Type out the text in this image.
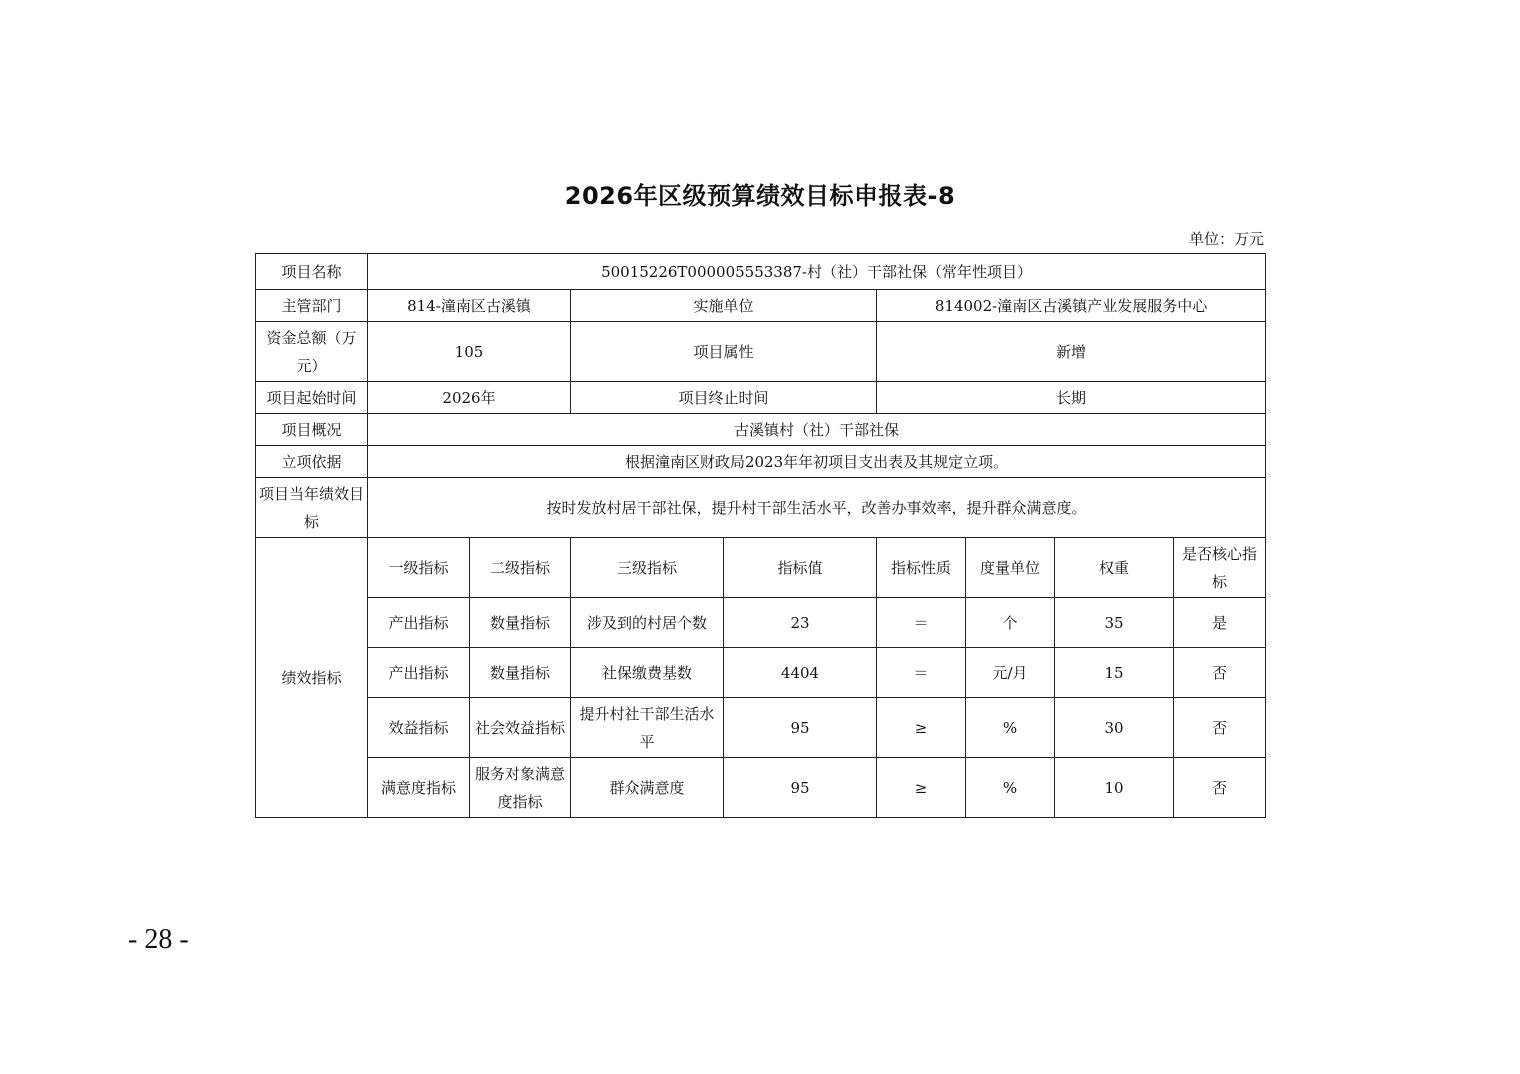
2026年区级预算绩效目标申报表-8
单位：万元
项目名称	50015226T000005553387-村（社）干部社保（常年性项目）							
主管部门	814-潼南区古溪镇		实施单位		814002-潼南区古溪镇产业发展服务中心			
资金总额（万元）	105		项目属性		新增			
项目起始时间	2026年		项目终止时间		长期			
项目概况	古溪镇村（社）干部社保							
立项依据	根据潼南区财政局2023年年初项目支出表及其规定立项。							
项目当年绩效目标	按时发放村居干部社保，提升村干部生活水平，改善办事效率，提升群众满意度。							
绩效指标	一级指标	二级指标	三级指标	指标值	指标性质	度量单位	权重	是否核心指标
	产出指标	数量指标	涉及到的村居个数	23	＝	个	35	是
	产出指标	数量指标	社保缴费基数	4404	＝	元/月	15	否
	效益指标	社会效益指标	提升村社干部生活水平	95	≥	%	30	否
	满意度指标	服务对象满意度指标	群众满意度	95	≥	%	10	否
- 28 -
